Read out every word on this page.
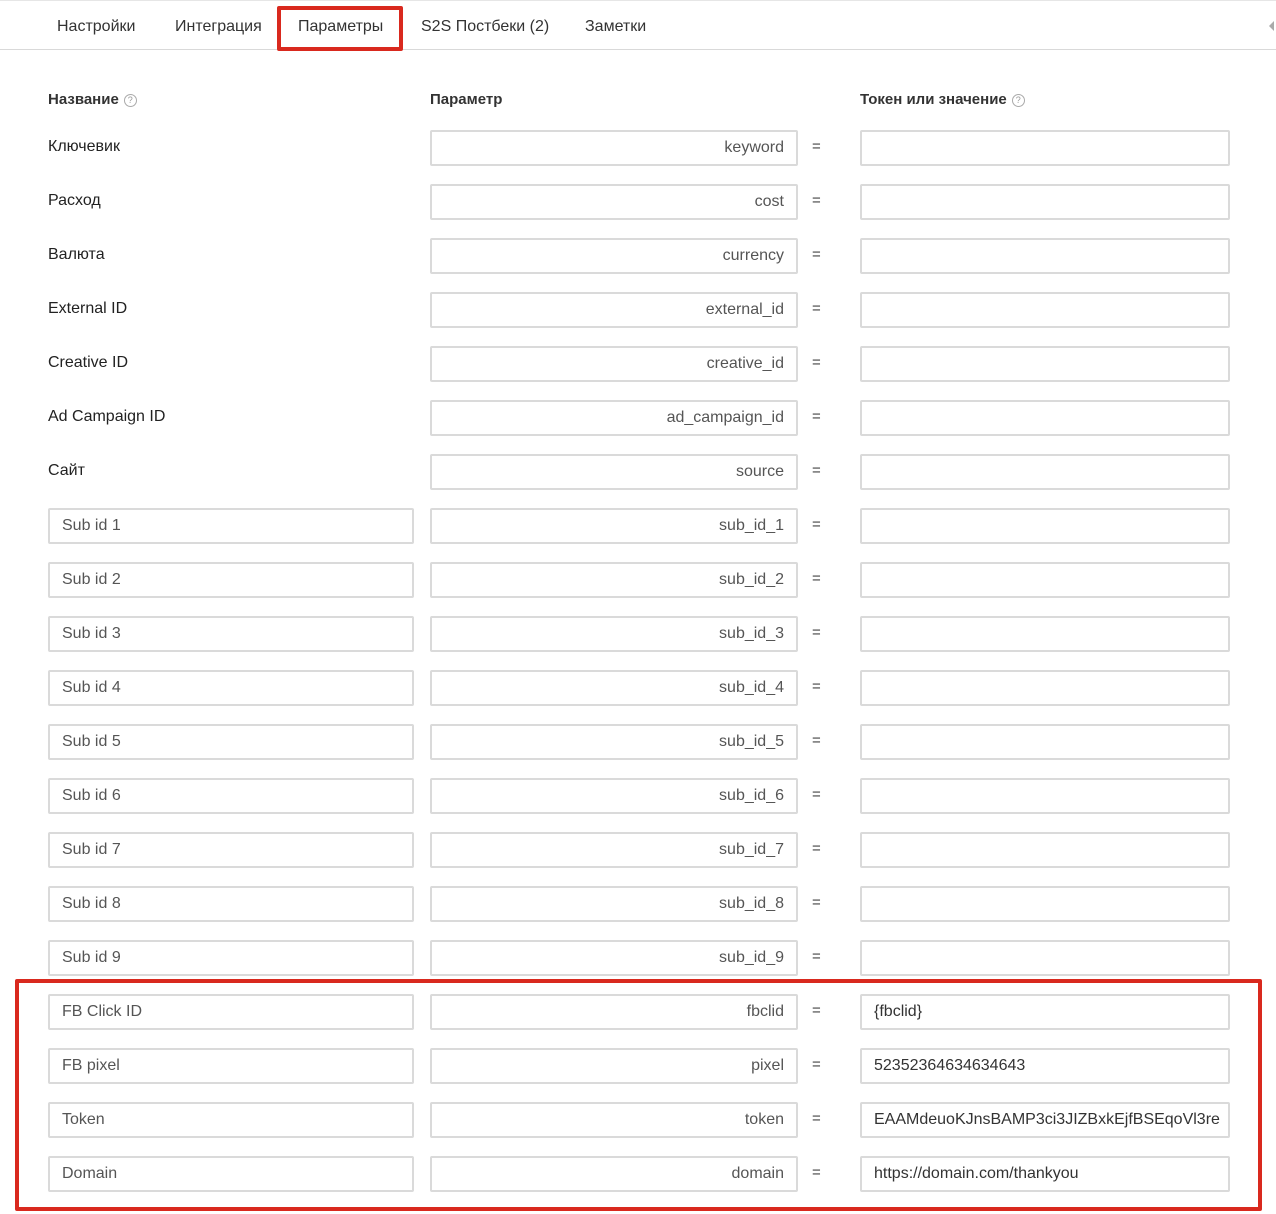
Настройки Интеграция Параметры S2S Постбеки (2) Заметки
Название ?	Параметр	Токен или значение ?
Ключевик	keyword	=
Расход	cost	=
Валюта	currency	=
External ID	external_id	=
Creative ID	creative_id	=
Ad Campaign ID	ad_campaign_id	=
Сайт	source	=
Sub id 1	sub_id_1	=
Sub id 2	sub_id_2	=
Sub id 3	sub_id_3	=
Sub id 4	sub_id_4	=
Sub id 5	sub_id_5	=
Sub id 6	sub_id_6	=
Sub id 7	sub_id_7	=
Sub id 8	sub_id_8	=
Sub id 9	sub_id_9	=
FB Click ID	fbclid	=	{fbclid}
FB pixel	pixel	=	52352364634634643
Token	token	=	EAAMdeuoKJnsBAMP3ci3JIZBxkEjfBSEqoVl3re
Domain	domain	=	https://domain.com/thankyou
